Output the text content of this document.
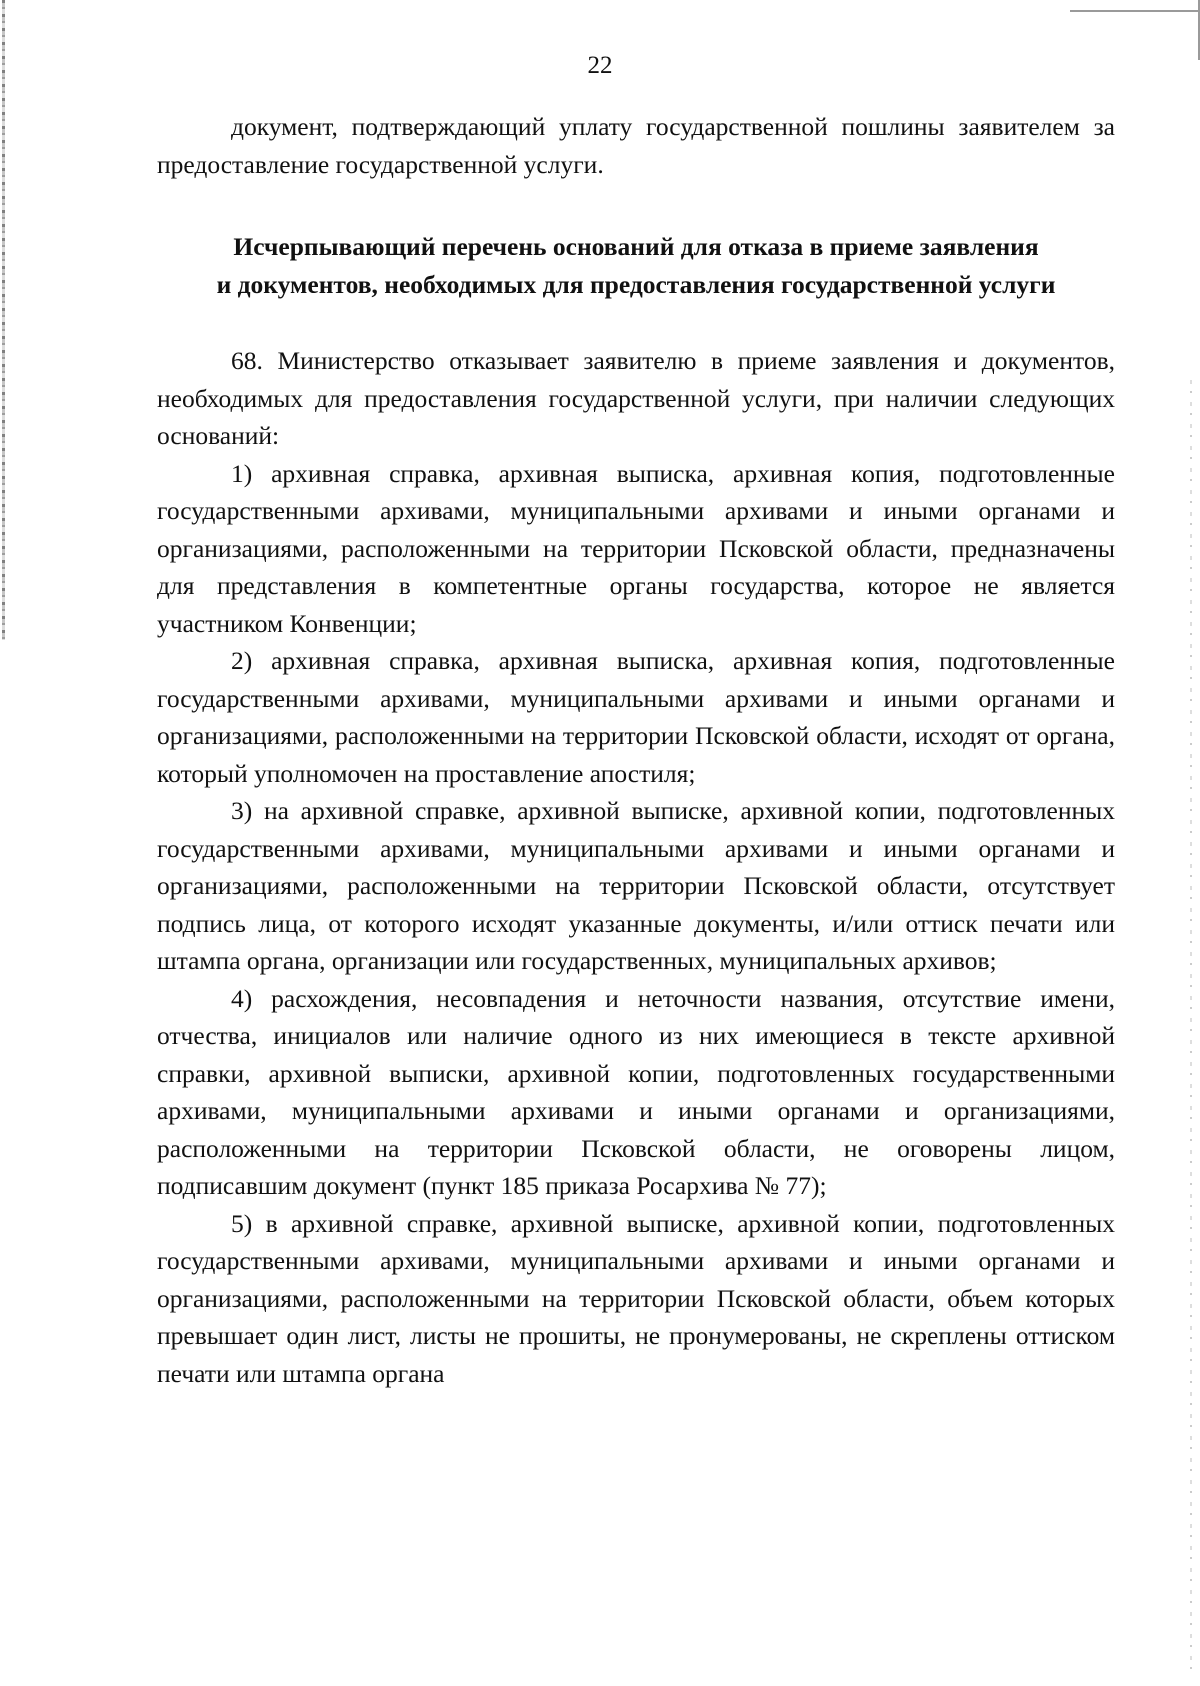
22

документ, подтверждающий уплату государственной пошлины заявителем за предоставление государственной услуги.

Исчерпывающий перечень оснований для отказа в приеме заявления
и документов, необходимых для предоставления государственной услуги

68. Министерство отказывает заявителю в приеме заявления и документов, необходимых для предоставления государственной услуги, при наличии следующих оснований:

1) архивная справка, архивная выписка, архивная копия, подготовленные государственными архивами, муниципальными архивами и иными органами и организациями, расположенными на территории Псковской области, предназначены для представления в компетентные органы государства, которое не является участником Конвенции;

2) архивная справка, архивная выписка, архивная копия, подготовленные государственными архивами, муниципальными архивами и иными органами и организациями, расположенными на территории Псковской области, исходят от органа, который уполномочен на проставление апостиля;

3) на архивной справке, архивной выписке, архивной копии, подготовленных государственными архивами, муниципальными архивами и иными органами и организациями, расположенными на территории Псковской области, отсутствует подпись лица, от которого исходят указанные документы, и/или оттиск печати или штампа органа, организации или государственных, муниципальных архивов;

4) расхождения, несовпадения и неточности названия, отсутствие имени, отчества, инициалов или наличие одного из них имеющиеся в тексте архивной справки, архивной выписки, архивной копии, подготовленных государственными архивами, муниципальными архивами и иными органами и организациями, расположенными на территории Псковской области, не оговорены лицом, подписавшим документ (пункт 185 приказа Росархива № 77);

5) в архивной справке, архивной выписке, архивной копии, подготовленных государственными архивами, муниципальными архивами и иными органами и организациями, расположенными на территории Псковской области, объем которых превышает один лист, листы не прошиты, не пронумерованы, не скреплены оттиском печати или штампа органа
